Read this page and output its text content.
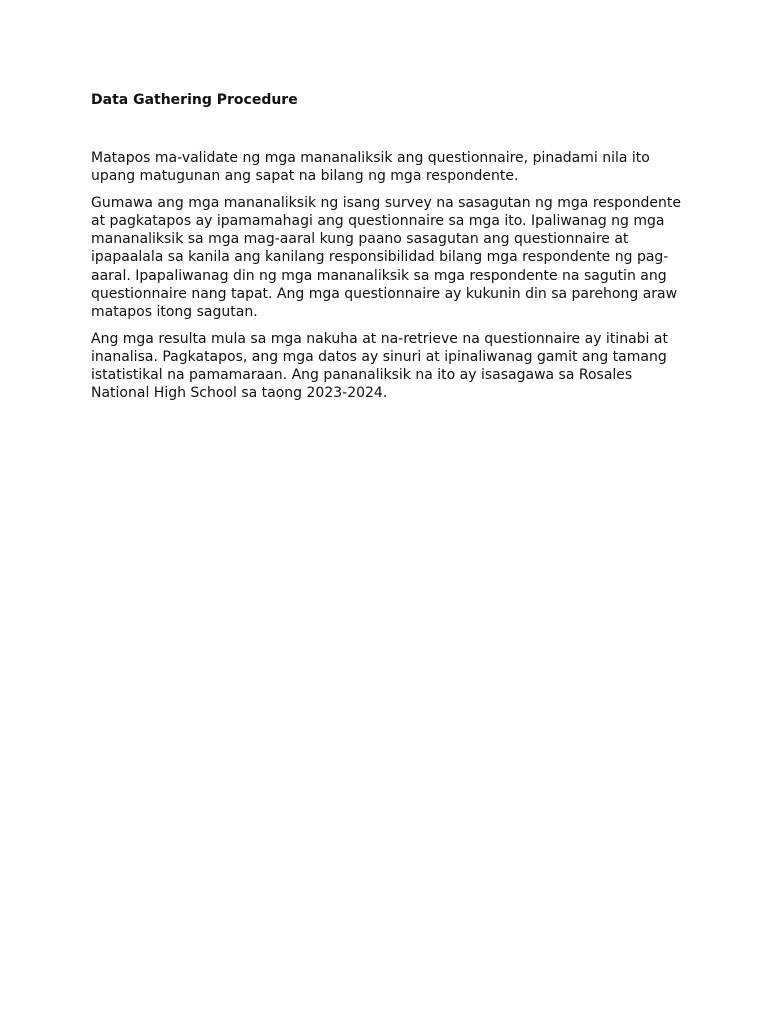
Data Gathering Procedure

Matapos ma-validate ng mga mananaliksik ang questionnaire, pinadami nila ito upang matugunan ang sapat na bilang ng mga respondente.

Gumawa ang mga mananaliksik ng isang survey na sasagutan ng mga respondente at pagkatapos ay ipamamahagi ang questionnaire sa mga ito. Ipaliwanag ng mga mananaliksik sa mga mag-aaral kung paano sasagutan ang questionnaire at ipapaalala sa kanila ang kanilang responsibilidad bilang mga respondente ng pag-aaral. Ipapaliwanag din ng mga mananaliksik sa mga respondente na sagutin ang questionnaire nang tapat. Ang mga questionnaire ay kukunin din sa parehong araw matapos itong sagutan.

Ang mga resulta mula sa mga nakuha at na-retrieve na questionnaire ay itinabi at inanalisa. Pagkatapos, ang mga datos ay sinuri at ipinaliwanag gamit ang tamang istatistikal na pamamaraan. Ang pananaliksik na ito ay isasagawa sa Rosales National High School sa taong 2023-2024.
